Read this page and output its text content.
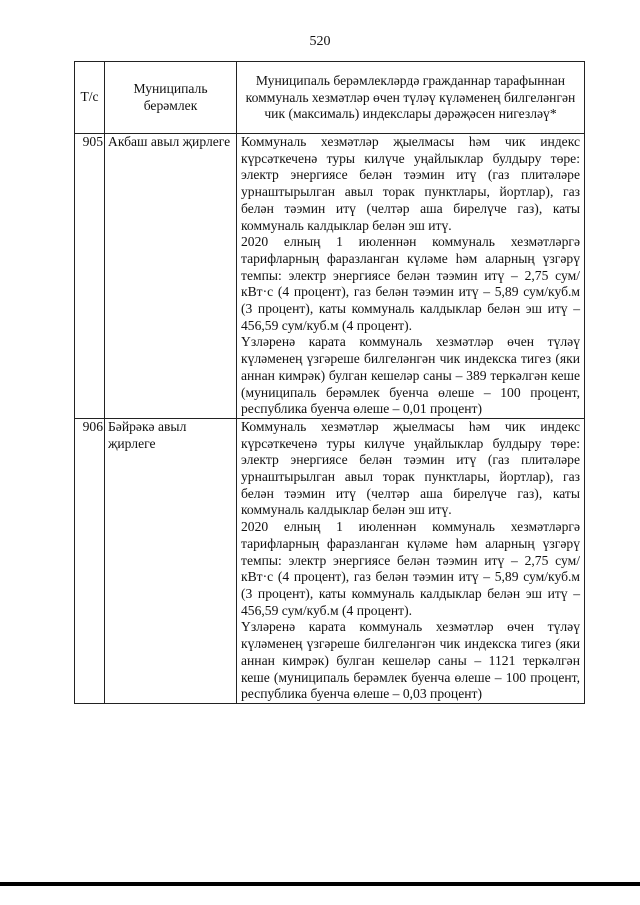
520
Т/с	Муниципаль берәмлек	Муниципаль берәмлекләрдә гражданнар тарафыннан коммуналь хезмәтләр өчен түләү күләменең билгеләнгән чик (максималь) индекслары дәрәҗәсен нигезләү*
905	Акбаш авыл җирлеге	Коммуналь хезмәтләр җыелмасы һәм чик индекс күрсәткеченә туры килүче уңайлыклар булдыру төре: электр энергиясе белән тәэмин итү (газ плитәләре урнаштырылган авыл торак пунктлары, йортлар), газ белән тәэмин итү (челтәр аша бирелүче газ), каты коммуналь калдыклар белән эш итү.

2020 елның 1 июленнән коммуналь хезмәтләргә тарифларның фаразланган күләме һәм аларның үзгәрү темпы: электр энергиясе белән тәэмин итү – 2,75 сум/кВт·с (4 процент), газ белән тәэмин итү – 5,89 сум/куб.м (3 процент), каты коммуналь калдыклар белән эш итү – 456,59 сум/куб.м (4 процент).

Үзләренә карата коммуналь хезмәтләр өчен түләү күләменең үзгәреше билгеләнгән чик индекска тигез (яки аннан кимрәк) булган кешеләр саны – 389 теркәлгән кеше (муниципаль берәмлек буенча өлеше – 100 процент, республика буенча өлеше – 0,01 процент)

906	Бәйрәкә авыл җирлеге	Коммуналь хезмәтләр җыелмасы һәм чик индекс күрсәткеченә туры килүче уңайлыклар булдыру төре: электр энергиясе белән тәэмин итү (газ плитәләре урнаштырылган авыл торак пунктлары, йортлар), газ белән тәэмин итү (челтәр аша бирелүче газ), каты коммуналь калдыклар белән эш итү.

2020 елның 1 июленнән коммуналь хезмәтләргә тарифларның фаразланган күләме һәм аларның үзгәрү темпы: электр энергиясе белән тәэмин итү – 2,75 сум/кВт·с (4 процент), газ белән тәэмин итү – 5,89 сум/куб.м (3 процент), каты коммуналь калдыклар белән эш итү – 456,59 сум/куб.м (4 процент).

Үзләренә карата коммуналь хезмәтләр өчен түләү күләменең үзгәреше билгеләнгән чик индекска тигез (яки аннан кимрәк) булган кешеләр саны – 1121 теркәлгән кеше (муниципаль берәмлек буенча өлеше – 100 процент, республика буенча өлеше – 0,03 процент)
